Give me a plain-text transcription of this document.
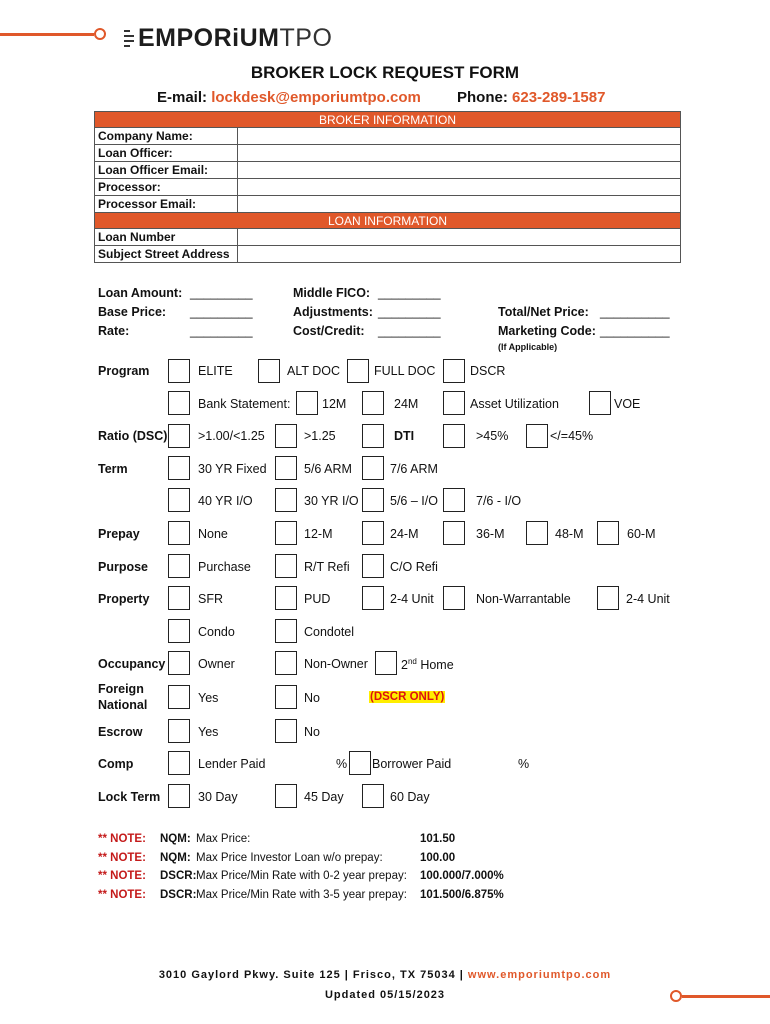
EMPORiUMTPO
BROKER LOCK REQUEST FORM
E-mail: lockdesk@emporiumtpo.com Phone: 623-289-1587
BROKER INFORMATION	
Company Name:	
Loan Officer:	
Loan Officer Email:	
Processor:	
Processor Email:	
LOAN INFORMATION	
Loan Number	
Subject Street Address	
Loan Amount: _________
Base Price: _________
Rate:	_________
Middle FICO: _________
Adjustments: _________
Cost/Credit: _________
Total/Net Price: __________
Marketing Code: __________
(If Applicable)
Program	ELITE	ALT DOC	FULL DOC	DSCR
Bank Statement:	12M	24M	Asset Utilization	VOE
Ratio (DSC) >1.00/<1.25	>1.25	DTI	>45%	</=45%
Term	30 YR Fixed	5/6 ARM	7/6 ARM
40 YR I/O	30 YR I/O	5/6 – I/O	7/6 - I/O
Prepay	None	12-M	24-M	36-M	48-M	60-M
Purpose	Purchase	R/T Refi	C/O Refi
Property	SFR	PUD	2-4 Unit	Non-Warrantable	2-4 Unit
Condo	Condotel
Occupancy	Owner	Non-Owner	2nd Home
Foreign
National	Yes	No	(DSCR ONLY)
Escrow	Yes	No
Comp	Lender Paid	% Borrower Paid	%
Lock Term	30 Day	45 Day	60 Day
** NOTE: NQM: Max Price:	101.50
** NOTE: NQM: Max Price Investor Loan w/o prepay:	100.00
** NOTE: DSCR: Max Price/Min Rate with 0-2 year prepay: 100.000/7.000%
** NOTE: DSCR: Max Price/Min Rate with 3-5 year prepay: 101.500/6.875%
3010 Gaylord Pkwy. Suite 125 | Frisco, TX 75034 | www.emporiumtpo.com
Updated 05/15/2023
